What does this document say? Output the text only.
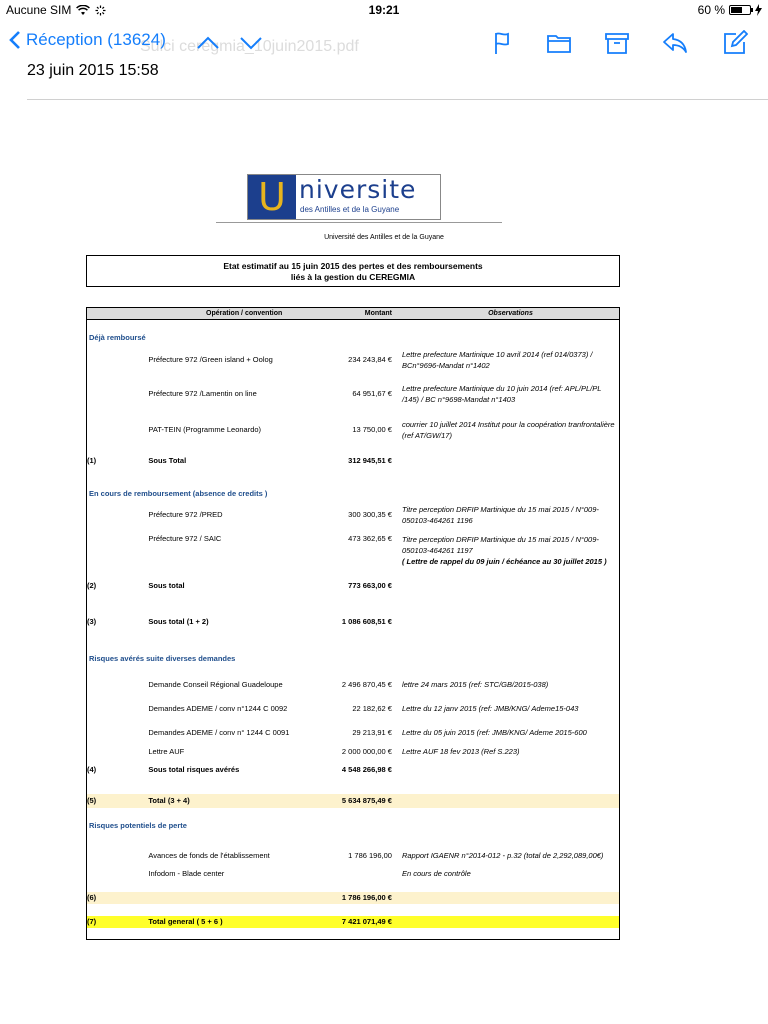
Aucune SIM	19:21	60 %
Sulci ceregmia_10juin2015.pdf
Réception (13624)
23 juin 2015 15:58
U niversite
des Antilles et de la Guyane
Université des Antilles et de la Guyane
Etat estimatif au 15 juin 2015 des pertes et des remboursements
liés à la gestion du CEREGMIA
	Opération / convention	Montant	Observations

Déjà remboursé			
	Préfecture 972 /Green island + Oolog	234 243,84 €	Lettre prefecture Martinique 10 avril 2014 (ref 014/0373) / BCn°9696-Mandat n°1402
	Préfecture 972 /Lamentin on line	64 951,67 €	Lettre prefecture Martinique du 10 juin 2014 (ref: APL/PL/PL /145) / BC n°9698-Mandat n°1403
	PAT-TEIN (Programme Leonardo)	13 750,00 €	courrier 10 juillet 2014 Institut pour la coopération tranfrontalière (ref AT/GW/17)
(1)	Sous Total	312 945,51 €	

En cours de remboursement (absence de credits )			
	Préfecture 972 /PRED	300 300,35 €	Titre perception DRFIP Martinique du 15 mai 2015 / N°009-050103-464261 1196
	Préfecture 972 / SAIC	473 362,65 €	Titre perception DRFIP Martinique du 15 mai 2015 / N°009-050103-464261 1197
( Lettre de rappel du 09 juin / échéance au 30 juillet 2015 )
(2)	Sous total	773 663,00 €	
(3)	Sous total (1 + 2)	1 086 608,51 €	
Risques avérés suite diverses demandes			
	Demande Conseil Régional Guadeloupe	2 496 870,45 €	lettre 24 mars 2015 (ref: STC/GB/2015-038)
	Demandes ADEME / conv n°1244 C 0092	22 182,62 €	Lettre du 12 janv 2015 (ref: JMB/KNG/ Ademe15-043
	Demandes ADEME / conv n° 1244 C 0091	29 213,91 €	Lettre du 05 juin 2015 (ref: JMB/KNG/ Ademe 2015-600
	Lettre AUF	2 000 000,00 €	Lettre AUF 18 fev 2013 (Ref S.223)
(4)	Sous total risques avérés	4 548 266,98 €	

(5)	Total (3 + 4)	5 634 875,49 €	

Risques potentiels de perte			

	Avances de fonds de l'établissement	1 786 196,00	Rapport IGAENR n°2014-012 - p.32 (total de 2,292,089,00€)
	Infodom - Blade center		En cours de contrôle

(6)		1 786 196,00 €	

(7)	Total general ( 5 + 6 )	7 421 071,49 €	
